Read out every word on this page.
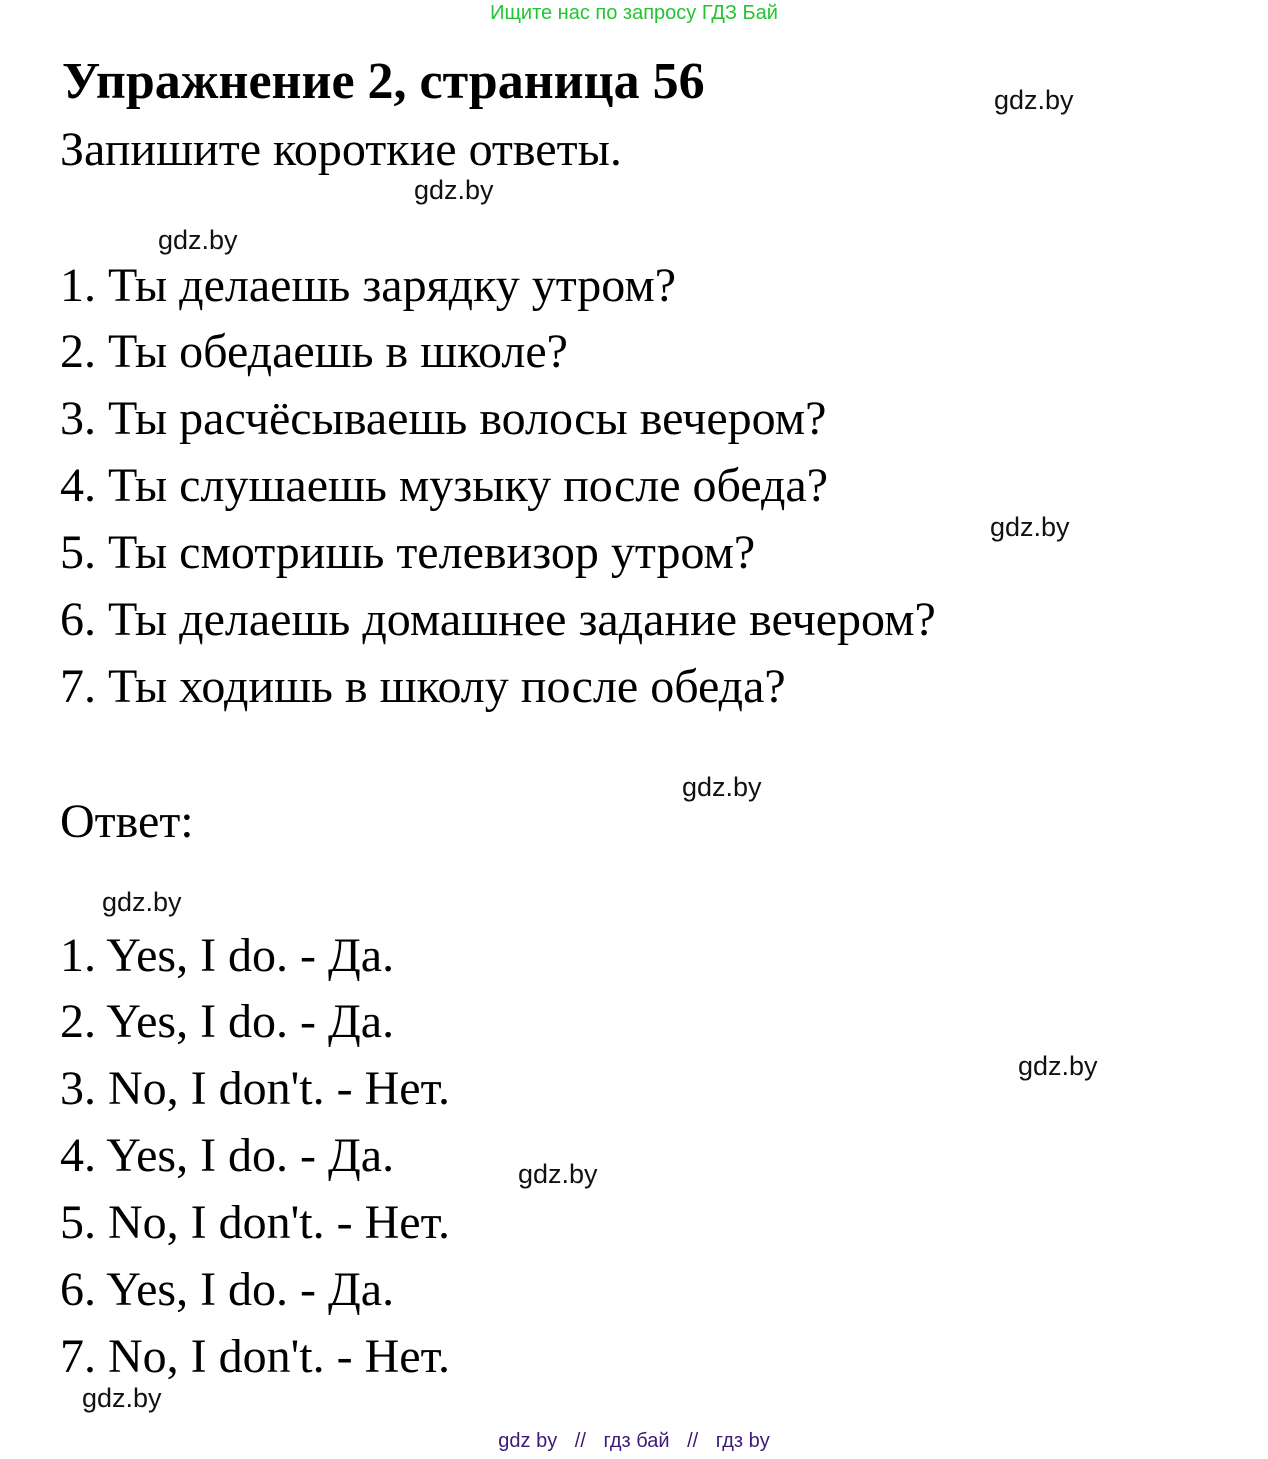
Ищите нас по запросу ГДЗ Бай
Упражнение 2, страница 56
Запишите короткие ответы.
gdz.by
gdz.by
gdz.by
1. Ты делаешь зарядку утром?
2. Ты обедаешь в школе?
3. Ты расчёсываешь волосы вечером?
4. Ты слушаешь музыку после обеда?
5. Ты смотришь телевизор утром?
6. Ты делаешь домашнее задание вечером?
7. Ты ходишь в школу после обеда?
gdz.by
gdz.by
Ответ:
gdz.by
1. Yes, I do. - Да.
2. Yes, I do. - Да.
3. No, I don't. - Нет.
4. Yes, I do. - Да.
5. No, I don't. - Нет.
6. Yes, I do. - Да.
7. No, I don't. - Нет.
gdz.by
gdz.by
gdz.by
gdz by // гдз бай // гдз by
